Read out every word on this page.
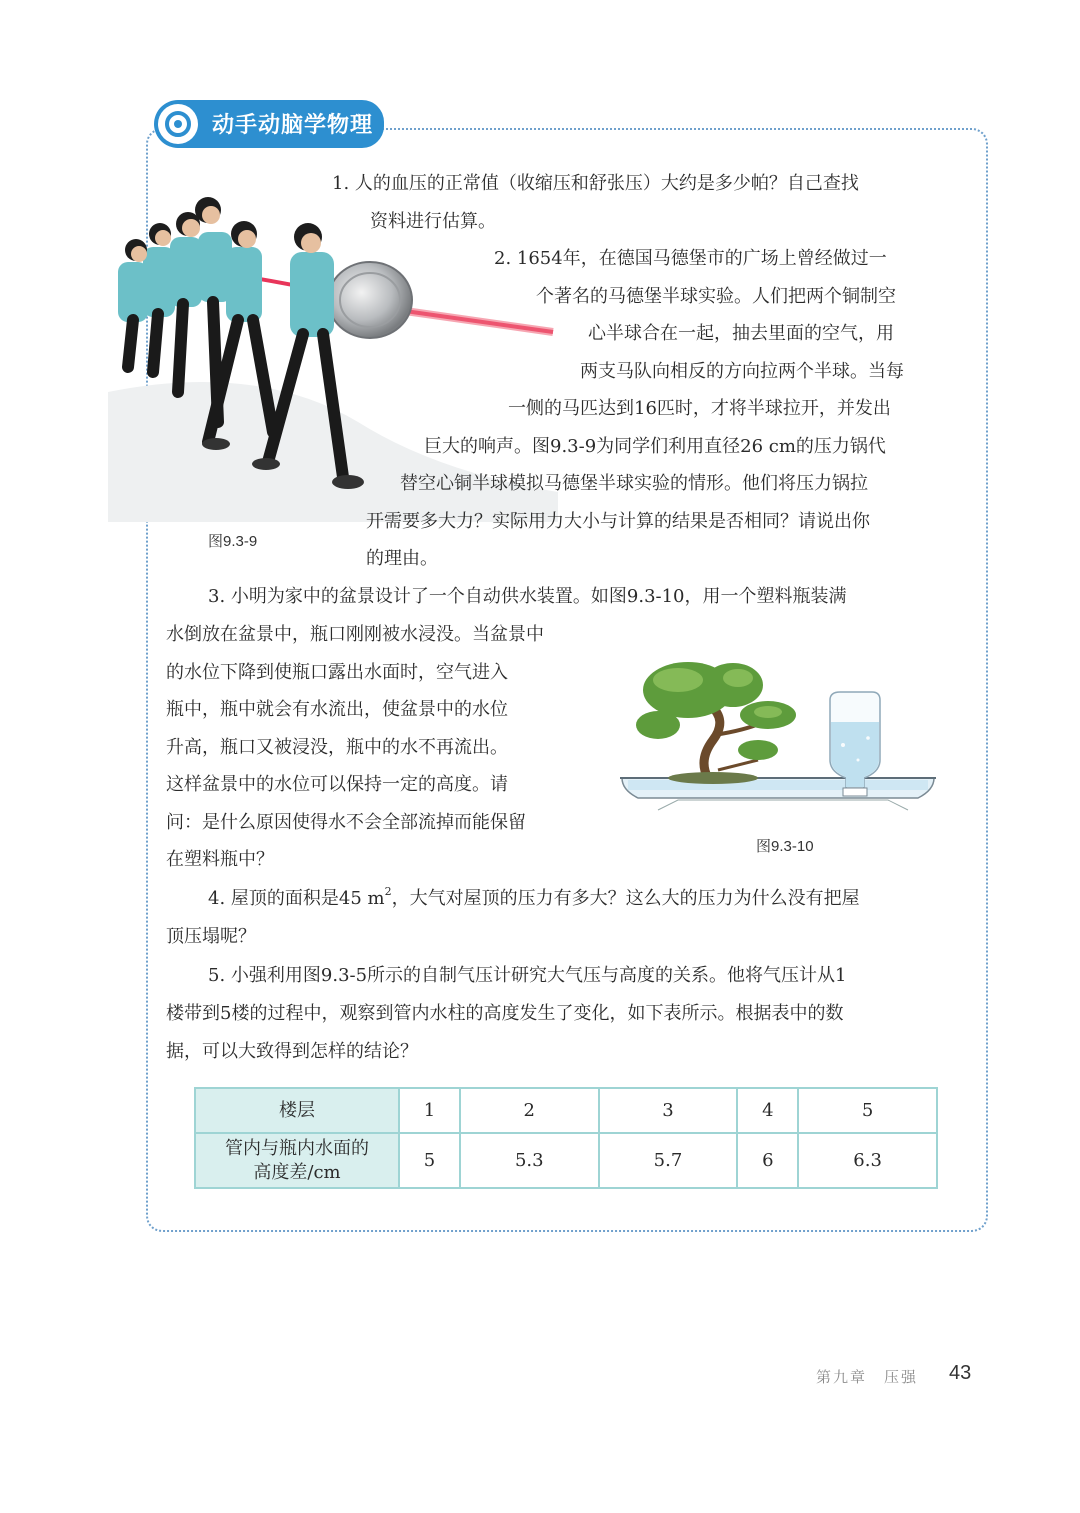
动手动脑学物理
图9.3-9
1. 人的血压的正常值（收缩压和舒张压）大约是多少帕？自己查找
资料进行估算。
2. 1654年，在德国马德堡市的广场上曾经做过一
个著名的马德堡半球实验。人们把两个铜制空
心半球合在一起，抽去里面的空气，用
两支马队向相反的方向拉两个半球。当每
一侧的马匹达到16匹时，才将半球拉开，并发出
巨大的响声。图9.3-9为同学们利用直径26 cm的压力锅代
替空心铜半球模拟马德堡半球实验的情形。他们将压力锅拉
开需要多大力？实际用力大小与计算的结果是否相同？请说出你
的理由。
3. 小明为家中的盆景设计了一个自动供水装置。如图9.3-10，用一个塑料瓶装满
水倒放在盆景中，瓶口刚刚被水浸没。当盆景中
的水位下降到使瓶口露出水面时，空气进入
瓶中，瓶中就会有水流出，使盆景中的水位
升高，瓶口又被浸没，瓶中的水不再流出。
这样盆景中的水位可以保持一定的高度。请
问：是什么原因使得水不会全部流掉而能保留
在塑料瓶中？
图9.3-10
4. 屋顶的面积是45 $m^2$，大气对屋顶的压力有多大？这么大的压力为什么没有把屋
顶压塌呢？
5. 小强利用图9.3-5所示的自制气压计研究大气压与高度的关系。他将气压计从1
楼带到5楼的过程中，观察到管内水柱的高度发生了变化，如下表所示。根据表中的数
据，可以大致得到怎样的结论？
楼层	1	2	3	4	5

管内与瓶内水面的
高度差/cm	5	5.3	5.7	6	6.3
第九章　压强 43
